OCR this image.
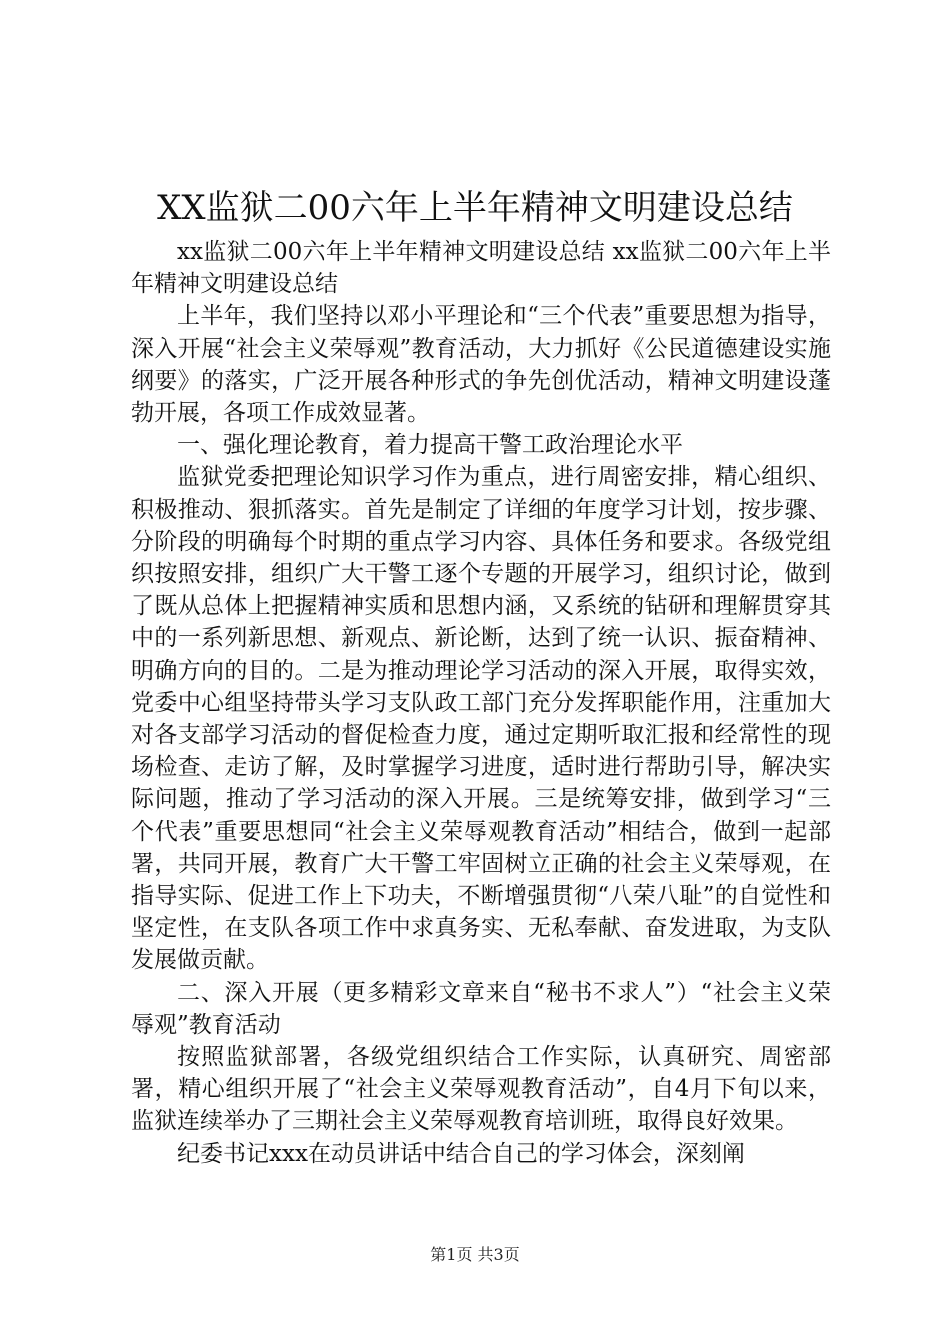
XX监狱二00六年上半年精神文明建设总结

xx监狱二00六年上半年精神文明建设总结 xx监狱二00六年上半年精神文明建设总结

上半年，我们坚持以邓小平理论和“三个代表”重要思想为指导，深入开展“社会主义荣辱观”教育活动，大力抓好《公民道德建设实施纲要》的落实，广泛开展各种形式的争先创优活动，精神文明建设蓬勃开展，各项工作成效显著。

一、强化理论教育，着力提高干警工政治理论水平

监狱党委把理论知识学习作为重点，进行周密安排，精心组织、积极推动、狠抓落实。首先是制定了详细的年度学习计划，按步骤、分阶段的明确每个时期的重点学习内容、具体任务和要求。各级党组织按照安排，组织广大干警工逐个专题的开展学习，组织讨论，做到了既从总体上把握精神实质和思想内涵，又系统的钻研和理解贯穿其中的一系列新思想、新观点、新论断，达到了统一认识、振奋精神、明确方向的目的。二是为推动理论学习活动的深入开展，取得实效，党委中心组坚持带头学习支队政工部门充分发挥职能作用，注重加大对各支部学习活动的督促检查力度，通过定期听取汇报和经常性的现场检查、走访了解，及时掌握学习进度，适时进行帮助引导，解决实际问题，推动了学习活动的深入开展。三是统筹安排，做到学习“三个代表”重要思想同“社会主义荣辱观教育活动”相结合，做到一起部署，共同开展，教育广大干警工牢固树立正确的社会主义荣辱观，在指导实际、促进工作上下功夫，不断增强贯彻“八荣八耻”的自觉性和坚定性，在支队各项工作中求真务实、无私奉献、奋发进取，为支队发展做贡献。

二、深入开展（更多精彩文章来自“秘书不求人”）“社会主义荣辱观”教育活动

按照监狱部署，各级党组织结合工作实际，认真研究、周密部署，精心组织开展了“社会主义荣辱观教育活动”，自4月下旬以来，监狱连续举办了三期社会主义荣辱观教育培训班，取得良好效果。

纪委书记xxx在动员讲话中结合自己的学习体会，深刻阐

第1页 共3页
